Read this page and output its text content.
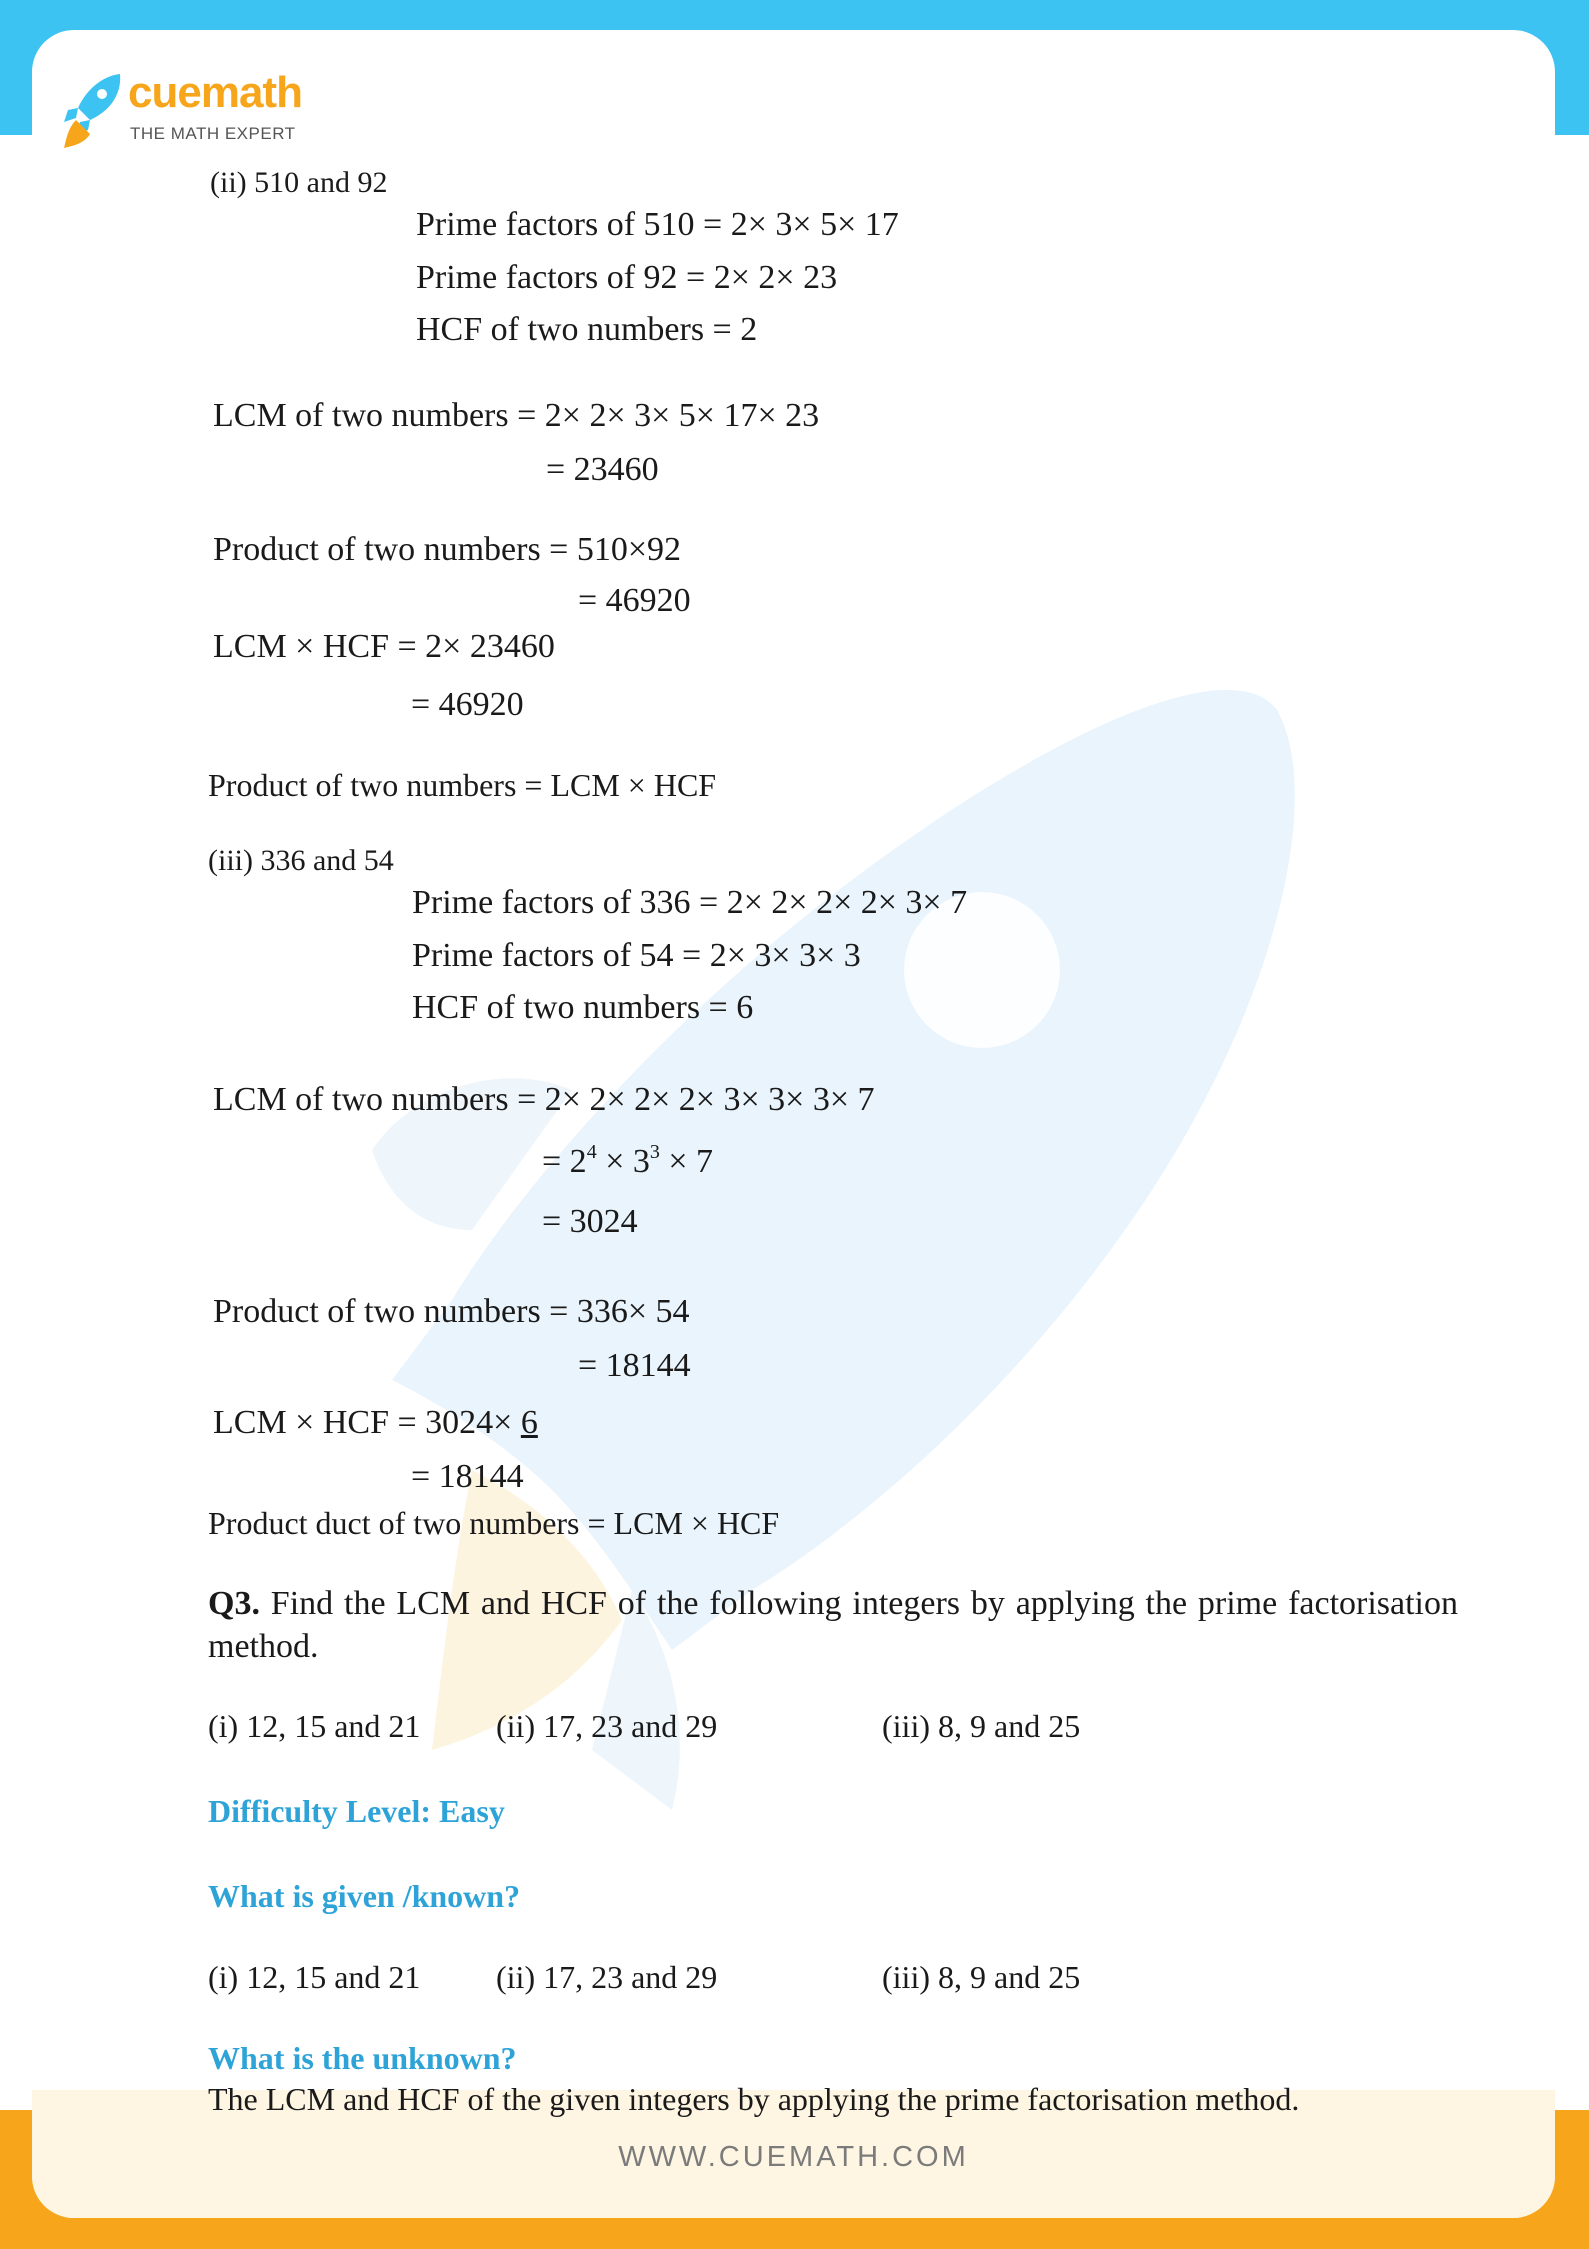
WWW.CUEMATH.COM
cuemath
THE MATH EXPERT
(ii) 510 and 92
Prime factors of 510 = 2× 3× 5× 17
Prime factors of 92 = 2× 2× 23
HCF of two numbers = 2
LCM of two numbers = 2× 2× 3× 5× 17× 23
= 23460
Product of two numbers = 510×92
= 46920
LCM × HCF = 2× 23460
= 46920
Product of two numbers = LCM × HCF
(iii) 336 and 54
Prime factors of 336 = 2× 2× 2× 2× 3× 7
Prime factors of 54 = 2× 3× 3× 3
HCF of two numbers = 6
LCM of two numbers = 2× 2× 2× 2× 3× 3× 3× 7
= $2^4 \times 3^3 \times 7$
= 3024
Product of two numbers = 336× 54
= 18144
LCM × HCF = 3024× 6
= 18144
Product duct of two numbers = LCM × HCF
Q3. Find the LCM and HCF of the following integers by applying the prime factorisation method.
(i) 12, 15 and 21 (ii) 17, 23 and 29	(iii) 8, 9 and 25
Difficulty Level: Easy
What is given /known?
(i) 12, 15 and 21 (ii) 17, 23 and 29	(iii) 8, 9 and 25
What is the unknown?
The LCM and HCF of the given integers by applying the prime factorisation method.
